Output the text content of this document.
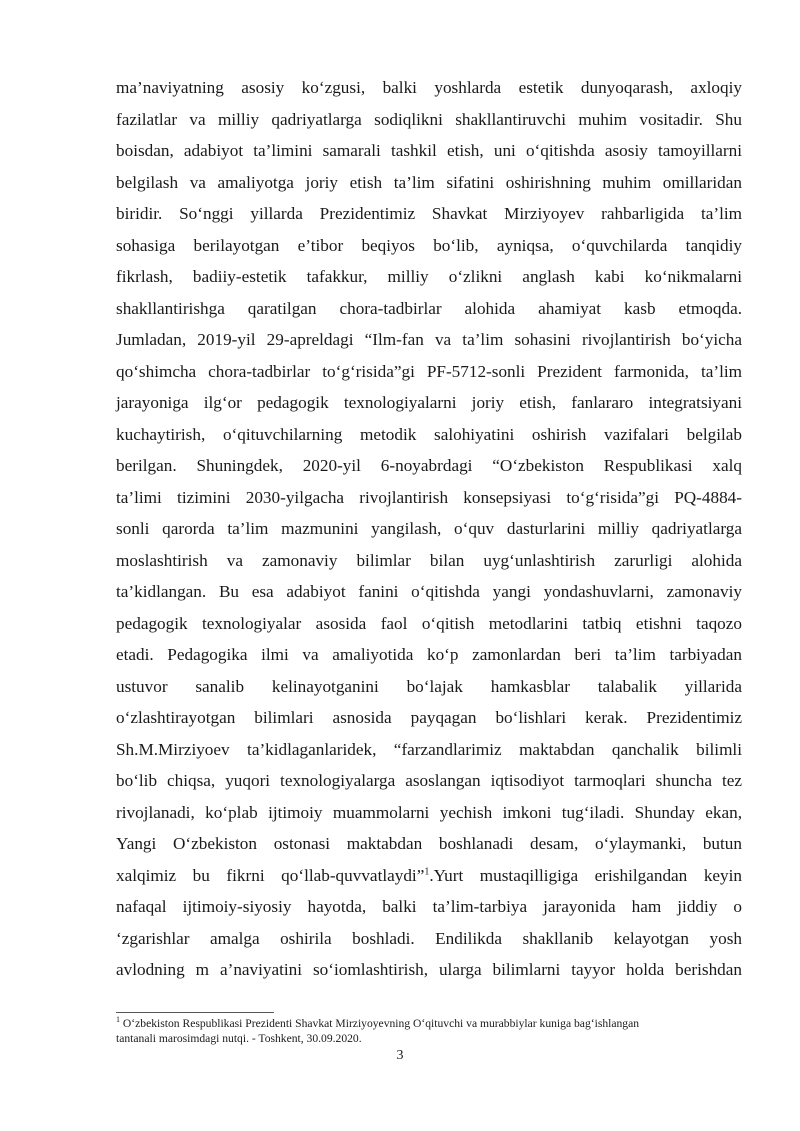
ma’naviyatning asosiy ko‘zgusi, balki yoshlarda estetik dunyoqarash, axloqiy
fazilatlar va milliy qadriyatlarga sodiqlikni shakllantiruvchi muhim vositadir. Shu
boisdan, adabiyot ta’limini samarali tashkil etish, uni o‘qitishda asosiy tamoyillarni
belgilash va amaliyotga joriy etish ta’lim sifatini oshirishning muhim omillaridan
biridir. So‘nggi yillarda Prezidentimiz Shavkat Mirziyoyev rahbarligida ta’lim
sohasiga berilayotgan e’tibor beqiyos bo‘lib, ayniqsa, o‘quvchilarda tanqidiy
fikrlash, badiiy-estetik tafakkur, milliy o‘zlikni anglash kabi ko‘nikmalarni
shakllantirishga qaratilgan chora-tadbirlar alohida ahamiyat kasb etmoqda.
Jumladan, 2019-yil 29-apreldagi “Ilm-fan va ta’lim sohasini rivojlantirish bo‘yicha
qo‘shimcha chora-tadbirlar to‘g‘risida”gi PF-5712-sonli Prezident farmonida, ta’lim
jarayoniga ilg‘or pedagogik texnologiyalarni joriy etish, fanlararo integratsiyani
kuchaytirish, o‘qituvchilarning metodik salohiyatini oshirish vazifalari belgilab
berilgan. Shuningdek, 2020-yil 6-noyabrdagi “O‘zbekiston Respublikasi xalq
ta’limi tizimini 2030-yilgacha rivojlantirish konsepsiyasi to‘g‘risida”gi PQ-4884-
sonli qarorda ta’lim mazmunini yangilash, o‘quv dasturlarini milliy qadriyatlarga
moslashtirish va zamonaviy bilimlar bilan uyg‘unlashtirish zarurligi alohida
ta’kidlangan. Bu esa adabiyot fanini o‘qitishda yangi yondashuvlarni, zamonaviy
pedagogik texnologiyalar asosida faol o‘qitish metodlarini tatbiq etishni taqozo
etadi. Pedagogika ilmi va amaliyotida ko‘p zamonlardan beri ta’lim tarbiyadan
ustuvor sanalib kelinayotganini bo‘lajak hamkasblar talabalik yillarida
o‘zlashtirayotgan bilimlari asnosida payqagan bo‘lishlari kerak. Prezidentimiz
Sh.M.Mirziyoev ta’kidlaganlaridek, “farzandlarimiz maktabdan qanchalik bilimli
bo‘lib chiqsa, yuqori texnologiyalarga asoslangan iqtisodiyot tarmoqlari shuncha tez
rivojlanadi, ko‘plab ijtimoiy muammolarni yechish imkoni tug‘iladi. Shunday ekan,
Yangi O‘zbekiston ostonasi maktabdan boshlanadi desam, o‘ylaymanki, butun
xalqimiz bu fikrni qo‘llab-quvvatlaydi”$^1$.Yurt mustaqilligiga erishilgandan keyin
nafaqal ijtimoiy-siyosiy hayotda, balki ta’lim-tarbiya jarayonida ham jiddiy o
‘zgarishlar amalga oshirila boshladi. Endilikda shakllanib kelayotgan yosh
avlodning m a’naviyatini so‘iomlashtirish, ularga bilimlarni tayyor holda berishdan
$^1$ O‘zbekiston Respublikasi Prezidenti Shavkat Mirziyoyevning O‘qituvchi va murabbiylar kuniga bag‘ishlangan
tantanali marosimdagi nutqi. - Toshkent, 30.09.2020.
3
